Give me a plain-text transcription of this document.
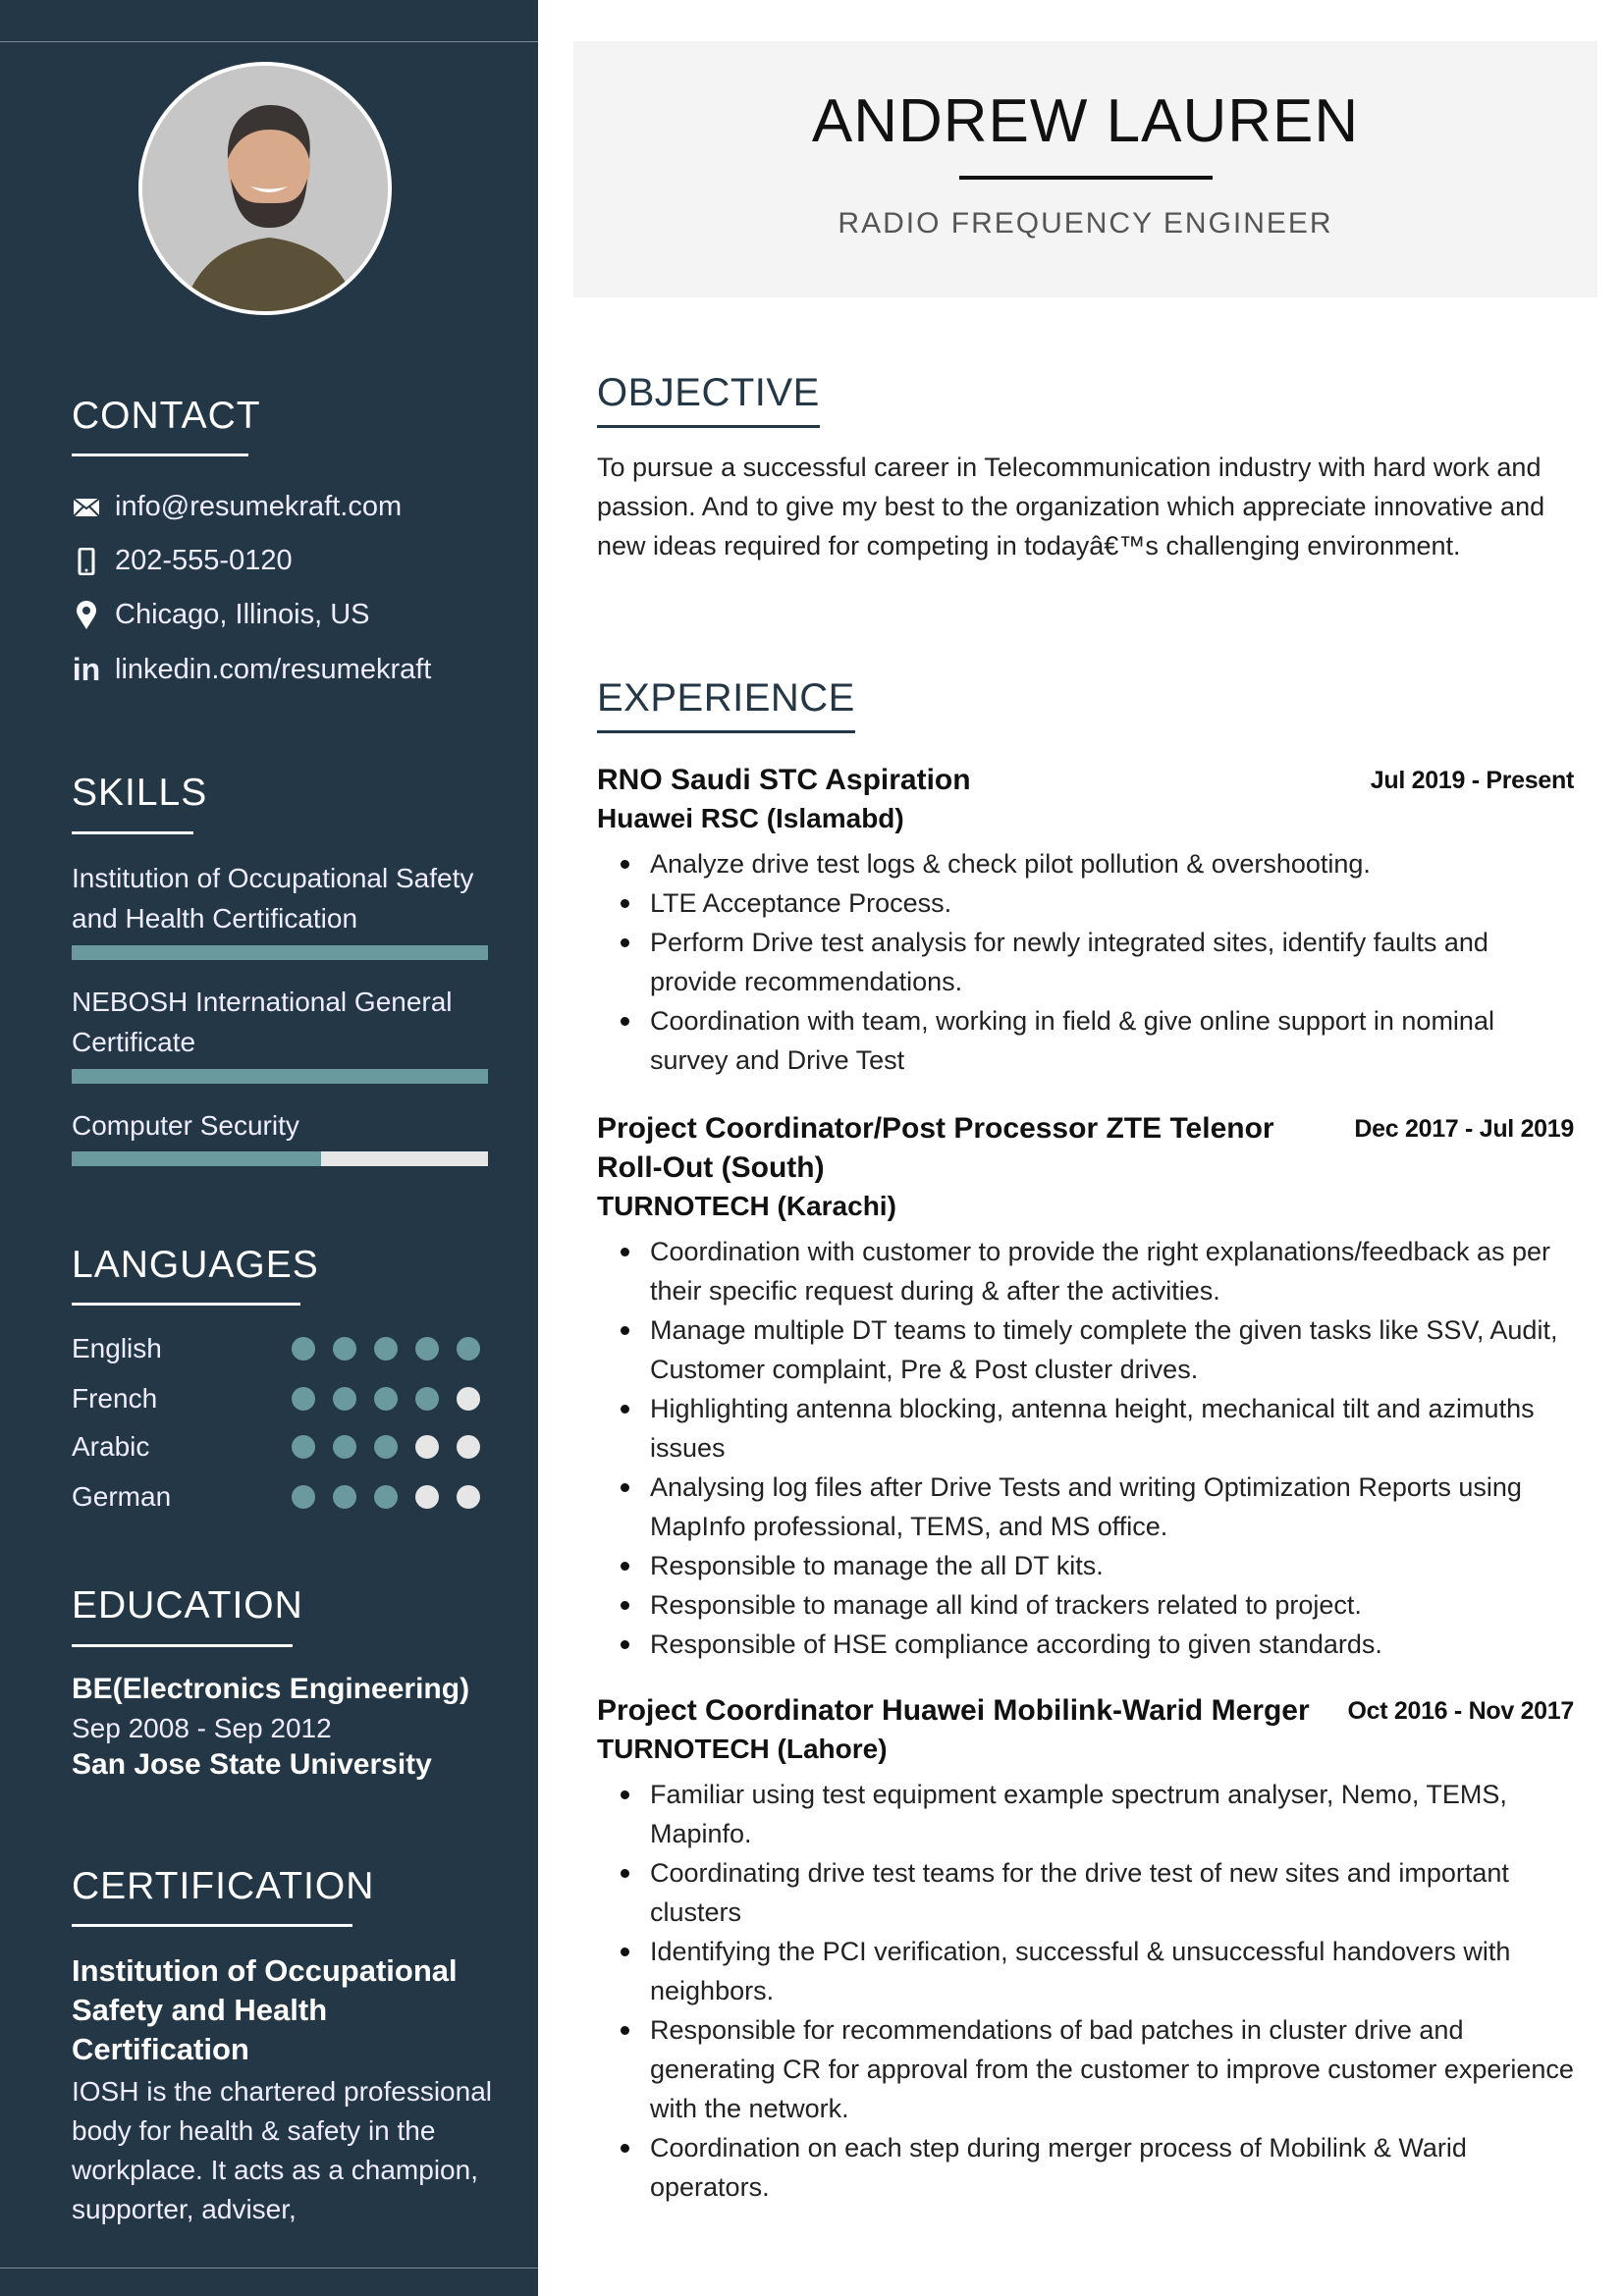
CONTACT
info@resumekraft.com
202-555-0120
Chicago, Illinois, US
in linkedin.com/resumekraft
SKILLS
Institution of Occupational Safety and Health Certification
NEBOSH International General Certificate
Computer Security
LANGUAGES
English
French
Arabic
German
EDUCATION
BE(Electronics Engineering)
Sep 2008 - Sep 2012
San Jose State University
CERTIFICATION
Institution of Occupational Safety and Health Certification
IOSH is the chartered professional body for health & safety in the workplace. It acts as a champion, supporter, adviser,
ANDREW LAUREN
RADIO FREQUENCY ENGINEER
OBJECTIVE
To pursue a successful career in Telecommunication industry with hard work and passion. And to give my best to the organization which appreciate innovative and new ideas required for competing in todayâ€™s challenging environment.
EXPERIENCE
RNO Saudi STC Aspiration	Jul 2019 - Present
Huawei RSC (Islamabd)
Analyze drive test logs & check pilot pollution & overshooting.
LTE Acceptance Process.
Perform Drive test analysis for newly integrated sites, identify faults and provide recommendations.
Coordination with team, working in field & give online support in nominal survey and Drive Test
Project Coordinator/Post Processor ZTE Telenor Roll-Out (South)
Dec 2017 - Jul 2019
TURNOTECH (Karachi)
Coordination with customer to provide the right explanations/feedback as per their specific request during & after the activities.
Manage multiple DT teams to timely complete the given tasks like SSV, Audit, Customer complaint, Pre & Post cluster drives.
Highlighting antenna blocking, antenna height, mechanical tilt and azimuths issues
Analysing log files after Drive Tests and writing Optimization Reports using MapInfo professional, TEMS, and MS office.
Responsible to manage the all DT kits.
Responsible to manage all kind of trackers related to project.
Responsible of HSE compliance according to given standards.
Project Coordinator Huawei Mobilink-Warid Merger	Oct 2016 - Nov 2017
TURNOTECH (Lahore)
Familiar using test equipment example spectrum analyser, Nemo, TEMS, Mapinfo.
Coordinating drive test teams for the drive test of new sites and important clusters
Identifying the PCI verification, successful & unsuccessful handovers with neighbors.
Responsible for recommendations of bad patches in cluster drive and generating CR for approval from the customer to improve customer experience with the network.
Coordination on each step during merger process of Mobilink & Warid operators.
